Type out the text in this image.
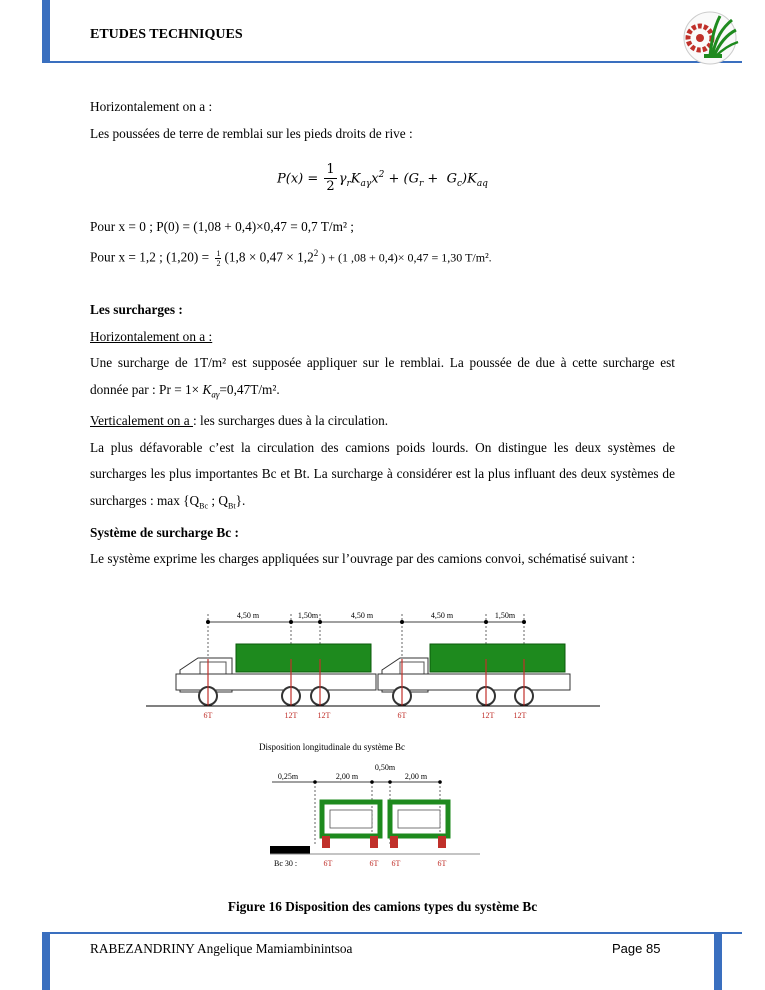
ETUDES TECHNIQUES

Horizontalement on a :

Les poussées de terre de remblai sur les pieds droits de rive :

$P(x) = \frac{1}{2} \gamma_rK_{a\gamma}x^2 + (G_r + G_c)K_{aq}$

Pour x = 0 ; P(0) = (1,08 + 0,4)×0,47 = 0,7 T/m² ;

Pour x = 1,2 ; $(1,20) = \frac{1}{2} (1,8 \times 0,47 \times 1,2^2$ ) + (1 ,08 + 0,4)× 0,47 = 1,30 T/m².

Les surcharges :

Horizontalement on a :

Une surcharge de 1T/m² est supposée appliquer sur le remblai. La poussée de due à cette surcharge est donnée par : $Pr = 1\times K_{a\gamma}=0,47T/m^2$.

Verticalement on a : les surcharges dues à la circulation.

La plus défavorable c’est la circulation des camions poids lourds. On distingue les deux systèmes de surcharges les plus importantes Bc et Bt. La surcharge à considérer est la plus influant des deux systèmes de surcharges : $\max \{Q_{Bc}$ ; $Q_{Bt}$}.

Système de surcharge Bc :

Le système exprime les charges appliquées sur l’ouvrage par des camions convoi, schématisé suivant :

4,50 m	1,50m	4,50 m	4,50 m	1,50m
6T	12T	12T	6T	12T 12T
Disposition longitudinale du système Bc
0,50m
0,25m	2,00 m	2,00 m
Bc 30 :	6T	6T 6T	6T
Figure 16 Disposition des camions types du système Bc
RABEZANDRINY Angelique Mamiambinintsoa	Page 85
